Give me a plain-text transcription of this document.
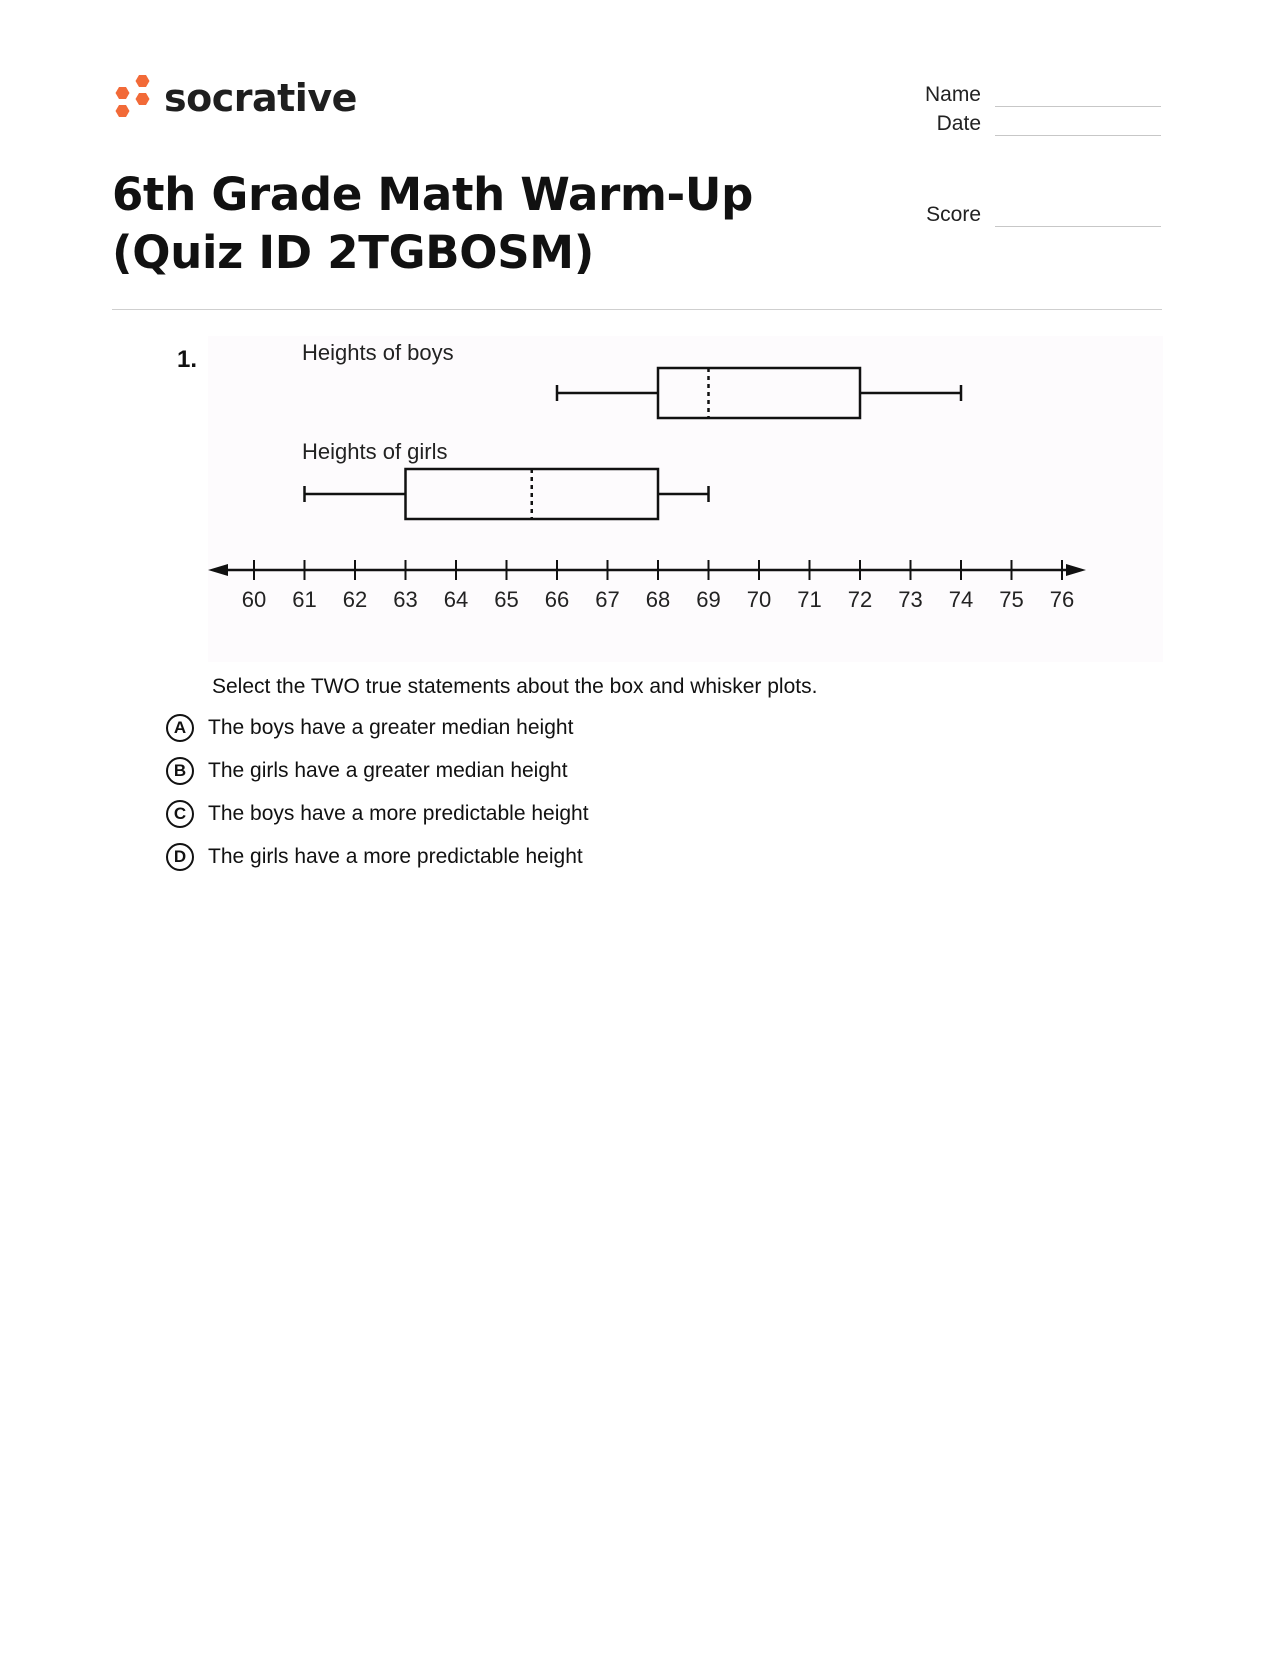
socrative	Name
Date
Score
6th Grade Math Warm-Up (Quiz ID 2TGBOSM)
1.	Heights of boys
Heights of girls
60 61 62 63 64 65 66 67 68 69 70 71 72 73 74 75 76
Select the TWO true statements about the box and whisker plots.
A	The boys have a greater median height
B	The girls have a greater median height
C	The boys have a more predictable height
D	The girls have a more predictable height
